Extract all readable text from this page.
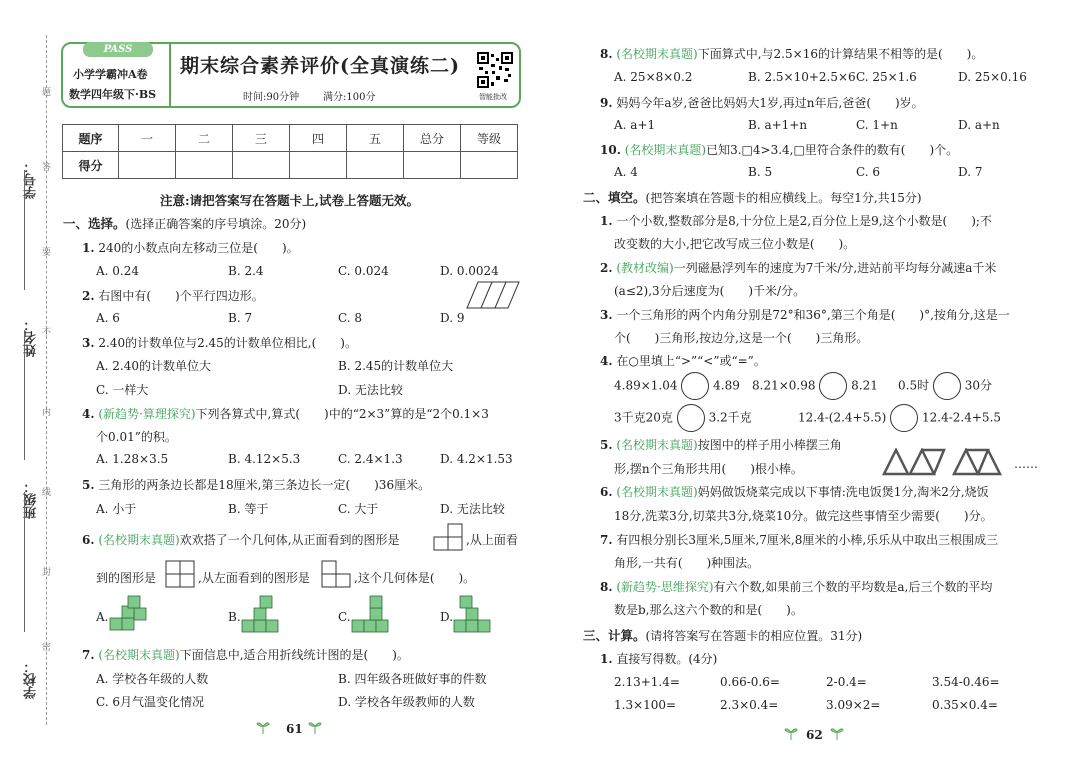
学号：
姓名：
班级：
学校：
题
答
要
不
内
线
封
密
PASS
小学学霸冲A卷
数学四年级下·BS
期末综合素养评价(全真演练二)
时间:90分钟 满分:100分	智能批改
题序	一	二	三	四	五	总分	等级
得分							
注意:请把答案写在答题卡上,试卷上答题无效。
一、选择。(选择正确答案的序号填涂。20分)
1. 240的小数点向左移动三位是(　　)。
A. 0.24	B. 2.4	C. 0.024	D. 0.0024
2. 右图中有(　　)个平行四边形。
A. 6	B. 7	C. 8	D. 9
3. 2.40的计数单位与2.45的计数单位相比,(　　)。
A. 2.40的计数单位大	B. 2.45的计数单位大
C. 一样大	D. 无法比较
4. (新趋势·算理探究)下列各算式中,算式(　　)中的“2×3”算的是“2个0.1×3
个0.01”的积。
A. 1.28×3.5	B. 4.12×5.3	C. 2.4×1.3	D. 4.2×1.53
5. 三角形的两条边长都是18厘米,第三条边长一定(　　)36厘米。
A. 小于	B. 等于	C. 大于	D. 无法比较
6. (名校期末真题)欢欢搭了一个几何体,从正面看到的图形是	,从上面看
到的图形是	,从左面看到的图形是	,这个几何体是(　　)。
A.	B.	C.	D.
7. (名校期末真题)下面信息中,适合用折线统计图的是(　　)。
A. 学校各年级的人数	B. 四年级各班做好事的件数
C. 6月气温变化情况	D. 学校各年级教师的人数
61
8. (名校期末真题)下面算式中,与2.5×16的计算结果不相等的是(　　)。
A. 25×8×0.2	B. 2.5×10+2.5×6 C. 25×1.6	D. 25×0.16
9. 妈妈今年a岁,爸爸比妈妈大1岁,再过n年后,爸爸(　　)岁。
A. a+1	B. a+1+n	C. 1+n	D. a+n
10. (名校期末真题)已知3.□4>3.4,□里符合条件的数有(　　)个。
A. 4	B. 5	C. 6	D. 7
二、填空。(把答案填在答题卡的相应横线上。每空1分,共15分)
1. 一个小数,整数部分是8,十分位上是2,百分位上是9,这个小数是(　　);不
改变数的大小,把它改写成三位小数是(　　)。
2. (教材改编)一列磁悬浮列车的速度为7千米/分,进站前平均每分减速a千米
(a≤2),3分后速度为(　　)千米/分。
3. 一个三角形的两个内角分别是72°和36°,第三个角是(　　)°,按角分,这是一
个(　　)三角形,按边分,这是一个(　　)三角形。
4. 在○里填上“>”“<”或“=”。
4.89×1.04	4.89 8.21×0.98	8.21 0.5时	30分
3千克20克	3.2千克	12.4-(2.4+5.5)	12.4-2.4+5.5
5. (名校期末真题)按图中的样子用小棒摆三角
形,摆n个三角形共用(　　)根小棒。	……
6. (名校期末真题)妈妈做饭烧菜完成以下事情:洗电饭煲1分,淘米2分,烧饭
18分,洗菜3分,切菜共3分,烧菜10分。做完这些事情至少需要(　　)分。
7. 有四根分别长3厘米,5厘米,7厘米,8厘米的小棒,乐乐从中取出三根围成三
角形,一共有(　　)种围法。
8. (新趋势·思维探究)有六个数,如果前三个数的平均数是a,后三个数的平均
数是b,那么这六个数的和是(　　)。
三、计算。(请将答案写在答题卡的相应位置。31分)
1. 直接写得数。(4分)
2.13+1.4=	0.66-0.6=	2-0.4=	3.54-0.46=
1.3×100=	2.3×0.4=	3.09×2=	0.35×0.4=
62
